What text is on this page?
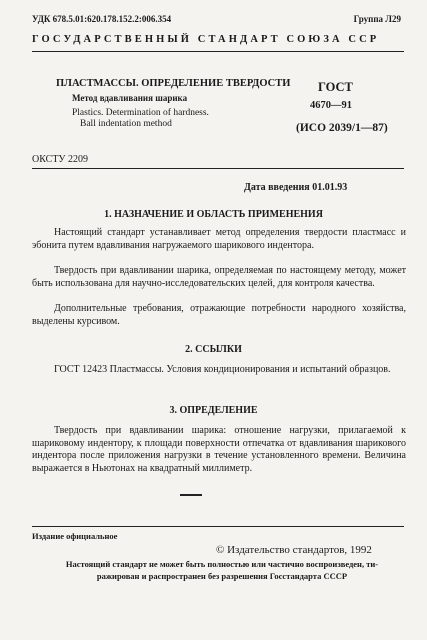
УДК 678.5.01:620.178.152.2:006.354	Группа Л29
ГОСУДАРСТВЕННЫЙ СТАНДАРТ СОЮЗА ССР
ПЛАСТМАССЫ. ОПРЕДЕЛЕНИЕ ТВЕРДОСТИ
Метод вдавливания шарика
Plastics. Determination of hardness.
Ball indentation method
ГОСТ
4670—91
(ИСО 2039/1—87)
ОКСТУ 2209
Дата введения 01.01.93
1. НАЗНАЧЕНИЕ И ОБЛАСТЬ ПРИМЕНЕНИЯ
Настоящий стандарт устанавливает метод определения твердости пластмасс и эбонита путем вдавливания нагружаемого шарикового индентора.
Твердость при вдавливании шарика, определяемая по настоящему методу, может быть использована для научно-исследовательских целей, для контроля качества.
Дополнительные требования, отражающие потребности народного хозяйства, выделены курсивом.
2. ССЫЛКИ
ГОСТ 12423 Пластмассы. Условия кондиционирования и испытаний образцов.
3. ОПРЕДЕЛЕНИЕ
Твердость при вдавливании шарика: отношение нагрузки, прилагаемой к шариковому индентору, к площади поверхности отпечатка от вдавливания шарикового индентора после приложения нагрузки в течение установленного времени. Величина выражается в Ньютонах на квадратный миллиметр.
Издание официальное
© Издательство стандартов, 1992
Настоящий стандарт не может быть полностью или частично воспроизведен, ти-
ражирован и распространен без разрешения Госстандарта СССР
